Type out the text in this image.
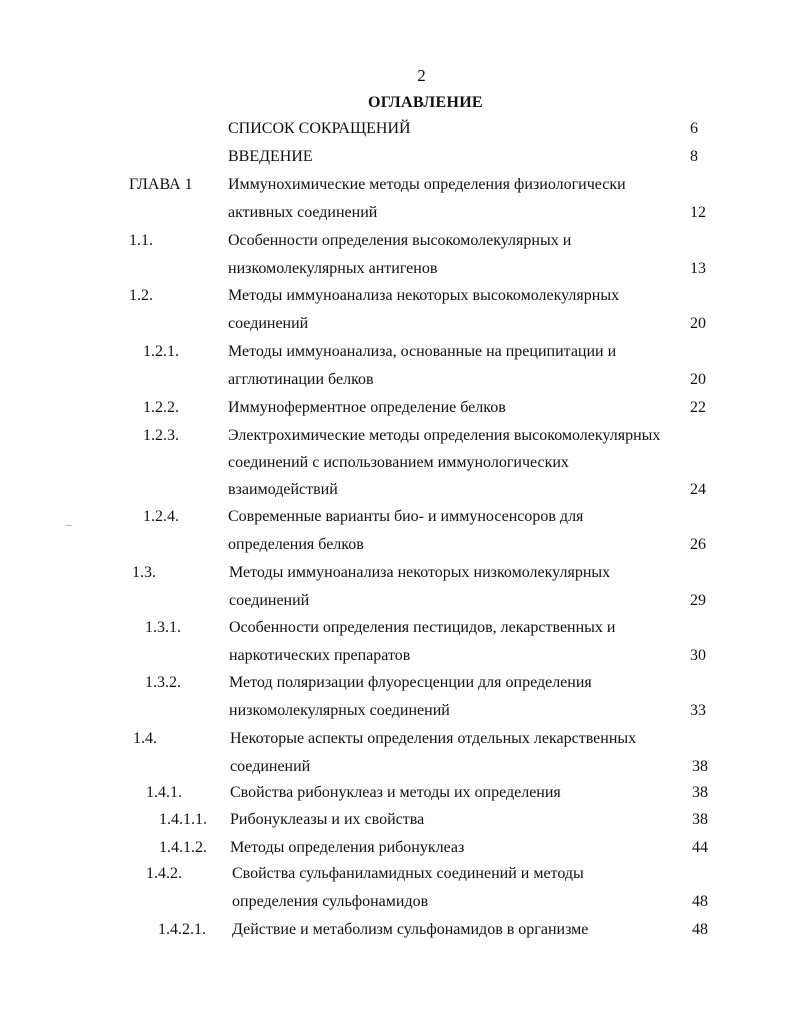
2
ОГЛАВЛЕНИЕ
СПИСОК СОКРАЩЕНИЙ	6
ВВЕДЕНИЕ	8
ГЛАВА 1 Иммунохимические методы определения физиологически
активных соединений	12
1.1.	Особенности определения высокомолекулярных и
низкомолекулярных антигенов	13
1.2.	Методы иммуноанализа некоторых высокомолекулярных
соединений	20
1.2.1.	Методы иммуноанализа, основанные на преципитации и
агглютинации белков	20
1.2.2.	Иммуноферментное определение белков	22
1.2.3.	Электрохимические методы определения высокомолекулярных
соединений с использованием иммунологических
взаимодействий	24
1.2.4.	Современные варианты био- и иммуносенсоров для
определения белков	26
1.3.	Методы иммуноанализа некоторых низкомолекулярных
соединений	29
1.3.1.	Особенности определения пестицидов, лекарственных и
наркотических препаратов	30
1.3.2.	Метод поляризации флуоресценции для определения
низкомолекулярных соединений	33
1.4.	Некоторые аспекты определения отдельных лекарственных
соединений	38
1.4.1.	Свойства рибонуклеаз и методы их определения	38
1.4.1.1. Рибонуклеазы и их свойства	38
1.4.1.2. Методы определения рибонуклеаз	44
1.4.2.	Свойства сульфаниламидных соединений и методы
определения сульфонамидов	48
1.4.2.1. Действие и метаболизм сульфонамидов в организме	48
